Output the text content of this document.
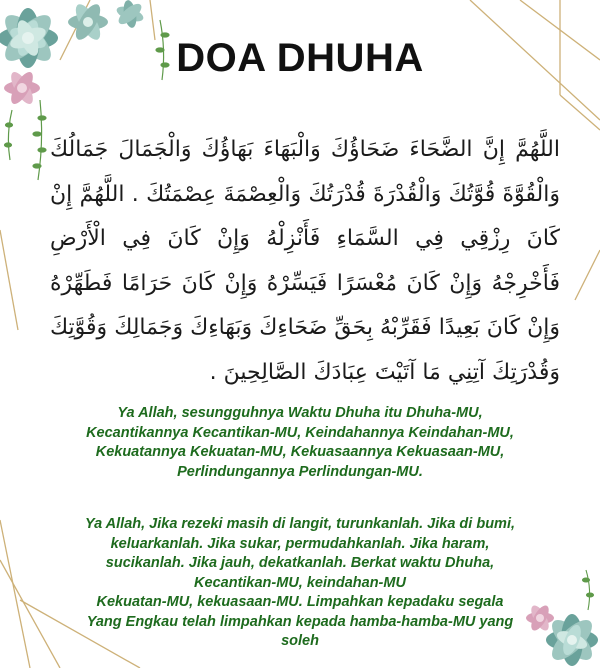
DOA DHUHA
اللَّهُمَّ إِنَّ الضَّحَاءَ ضَحَاؤُكَ وَالْبَهَاءَ بَهَاؤُكَ وَالْجَمَالَ جَمَالُكَ وَالْقُوَّةَ قُوَّتُكَ وَالْقُدْرَةَ قُدْرَتُكَ وَالْعِصْمَةَ عِصْمَتُكَ . اللَّهُمَّ إِنْ كَانَ رِزْقِي فِي السَّمَاءِ فَأَنْزِلْهُ وَإِنْ كَانَ فِي الْأَرْضِ فَأَخْرِجْهُ وَإِنْ كَانَ مُعْسَرًا فَيَسِّرْهُ وَإِنْ كَانَ حَرَامًا فَطَهِّرْهُ وَإِنْ كَانَ بَعِيدًا فَقَرِّبْهُ بِحَقِّ ضَحَاءِكَ وَبَهَاءِكَ وَجَمَالِكَ وَقُوَّتِكَ وَقُدْرَتِكَ آتِنِي مَا آتَيْتَ عِبَادَكَ الصَّالِحِينَ .
Ya Allah, sesungguhnya Waktu Dhuha itu Dhuha-MU,
Kecantikannya Kecantikan-MU, Keindahannya Keindahan-MU,
Kekuatannya Kekuatan-MU, Kekuasaannya Kekuasaan-MU,
Perlindungannya Perlindungan-MU.
Ya Allah, Jika rezeki masih di langit, turunkanlah. Jika di bumi,
keluarkanlah. Jika sukar, permudahkanlah. Jika haram,
sucikanlah. Jika jauh, dekatkanlah. Berkat waktu Dhuha,
Kecantikan-MU, keindahan-MU
Kekuatan-MU, kekuasaan-MU. Limpahkan kepadaku segala
Yang Engkau telah limpahkan kepada hamba-hamba-MU yang
soleh
